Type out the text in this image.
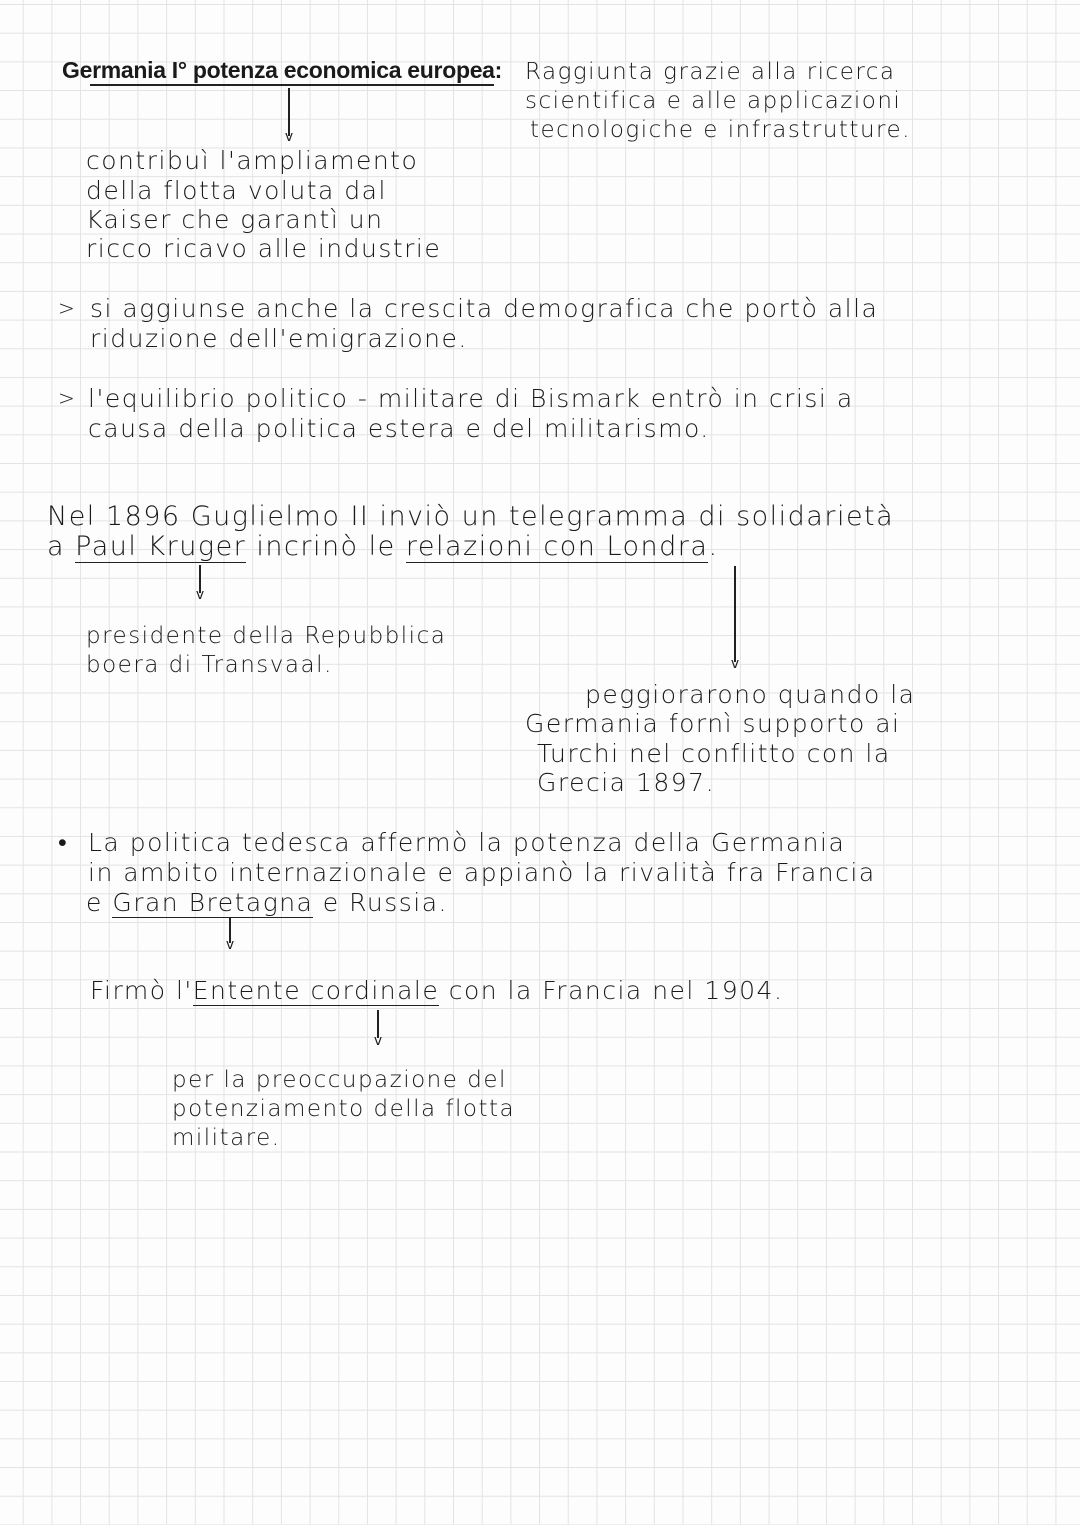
Germania I° potenza economica europea:
v
Raggiunta grazie alla ricerca
scientifica e alle applicazioni
tecnologiche e infrastrutture.
contribuì l'ampliamento
della flotta voluta dal
Kaiser che garantì un
ricco ricavo alle industrie
> si aggiunse anche la crescita demografica che portò alla
riduzione dell'emigrazione.
> l'equilibrio politico - militare di Bismark entrò in crisi a
causa della politica estera e del militarismo.
Nel 1896 Guglielmo II inviò un telegramma di solidarietà
a Paul Kruger incrinò le relazioni con Londra.
v
v
presidente della Repubblica
boera di Transvaal.
peggiorarono quando la
Germania fornì supporto ai
Turchi nel conflitto con la
Grecia 1897.
• La politica tedesca affermò la potenza della Germania
in ambito internazionale e appianò la rivalità fra Francia
e Gran Bretagna e Russia.
v
Firmò l'Entente cordinale con la Francia nel 1904.
v
per la preoccupazione del
potenziamento della flotta
militare.
